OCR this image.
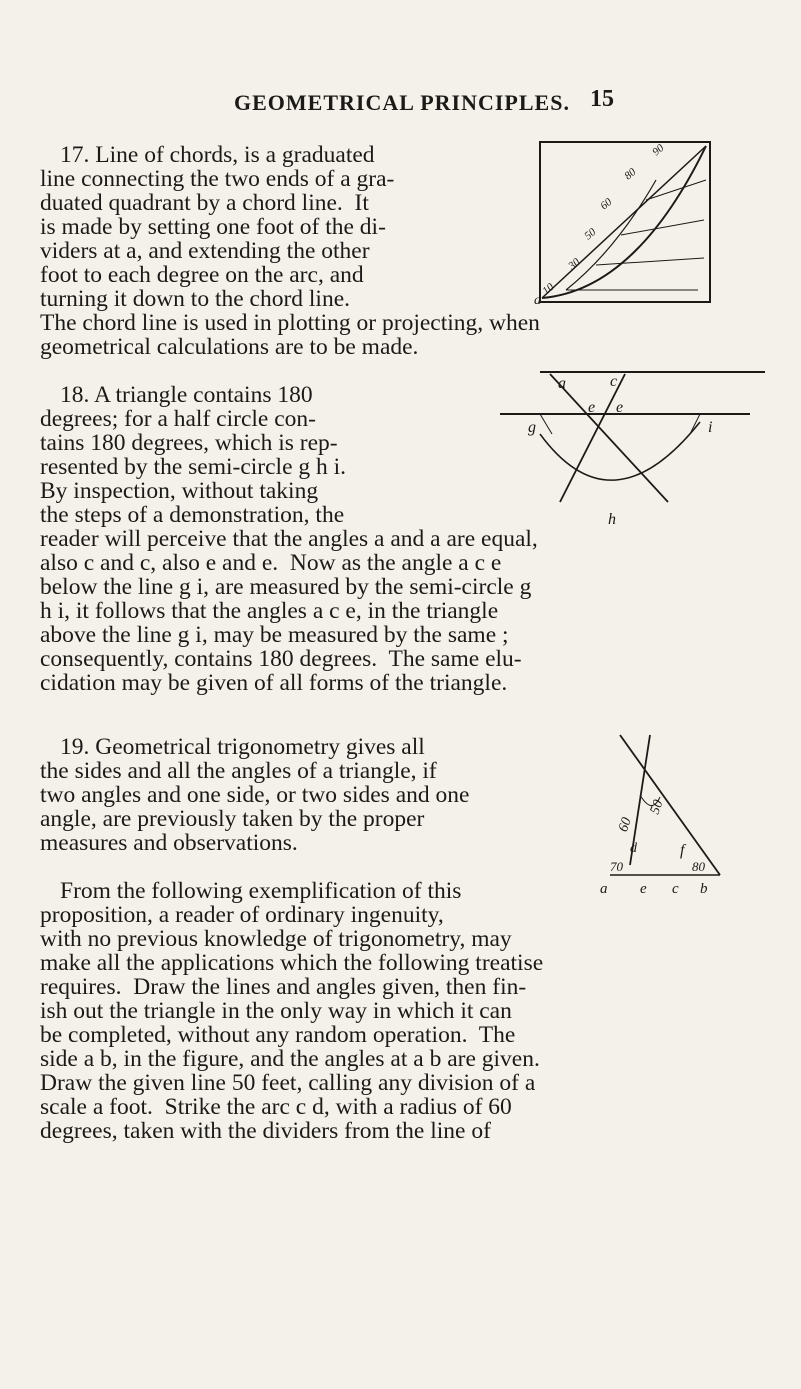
GEOMETRICAL PRINCIPLES. 15
17. Line of chords, is a graduated
line connecting the two ends of a gra-
duated quadrant by a chord line.  It
is made by setting one foot of the di-
viders at a, and extending the other
foot to each degree on the arc, and
turning it down to the chord line.
The chord line is used in plotting or projecting, when
geometrical calculations are to be made.
a
10
30
50
60
80
90
18. A triangle contains 180
degrees; for a half circle con-
tains 180 degrees, which is rep-
resented by the semi-circle g h i.
By inspection, without taking
the steps of a demonstration, the
reader will perceive that the angles a and a are equal,
also c and c, also e and e.  Now as the angle a c e
below the line g i, are measured by the semi-circle g
h i, it follows that the angles a c e, in the triangle
above the line g i, may be measured by the same ;
consequently, contains 180 degrees.  The same elu-
cidation may be given of all forms of the triangle.
a	c
g
e e
i
h
19. Geometrical trigonometry gives all
the sides and all the angles of a triangle, if
two angles and one side, or two sides and one
angle, are previously taken by the proper
measures and observations.
From the following exemplification of this
proposition, a reader of ordinary ingenuity,
with no previous knowledge of trigonometry, may
make all the applications which the following treatise
requires.  Draw the lines and angles given, then fin-
ish out the triangle in the only way in which it can
be completed, without any random operation.  The
side a b, in the figure, and the angles at a b are given.
Draw the given line 50 feet, calling any division of a
scale a foot.  Strike the arc c d, with a radius of 60
degrees, taken with the dividers from the line of
60
50
d	f
70	80
a e c b
